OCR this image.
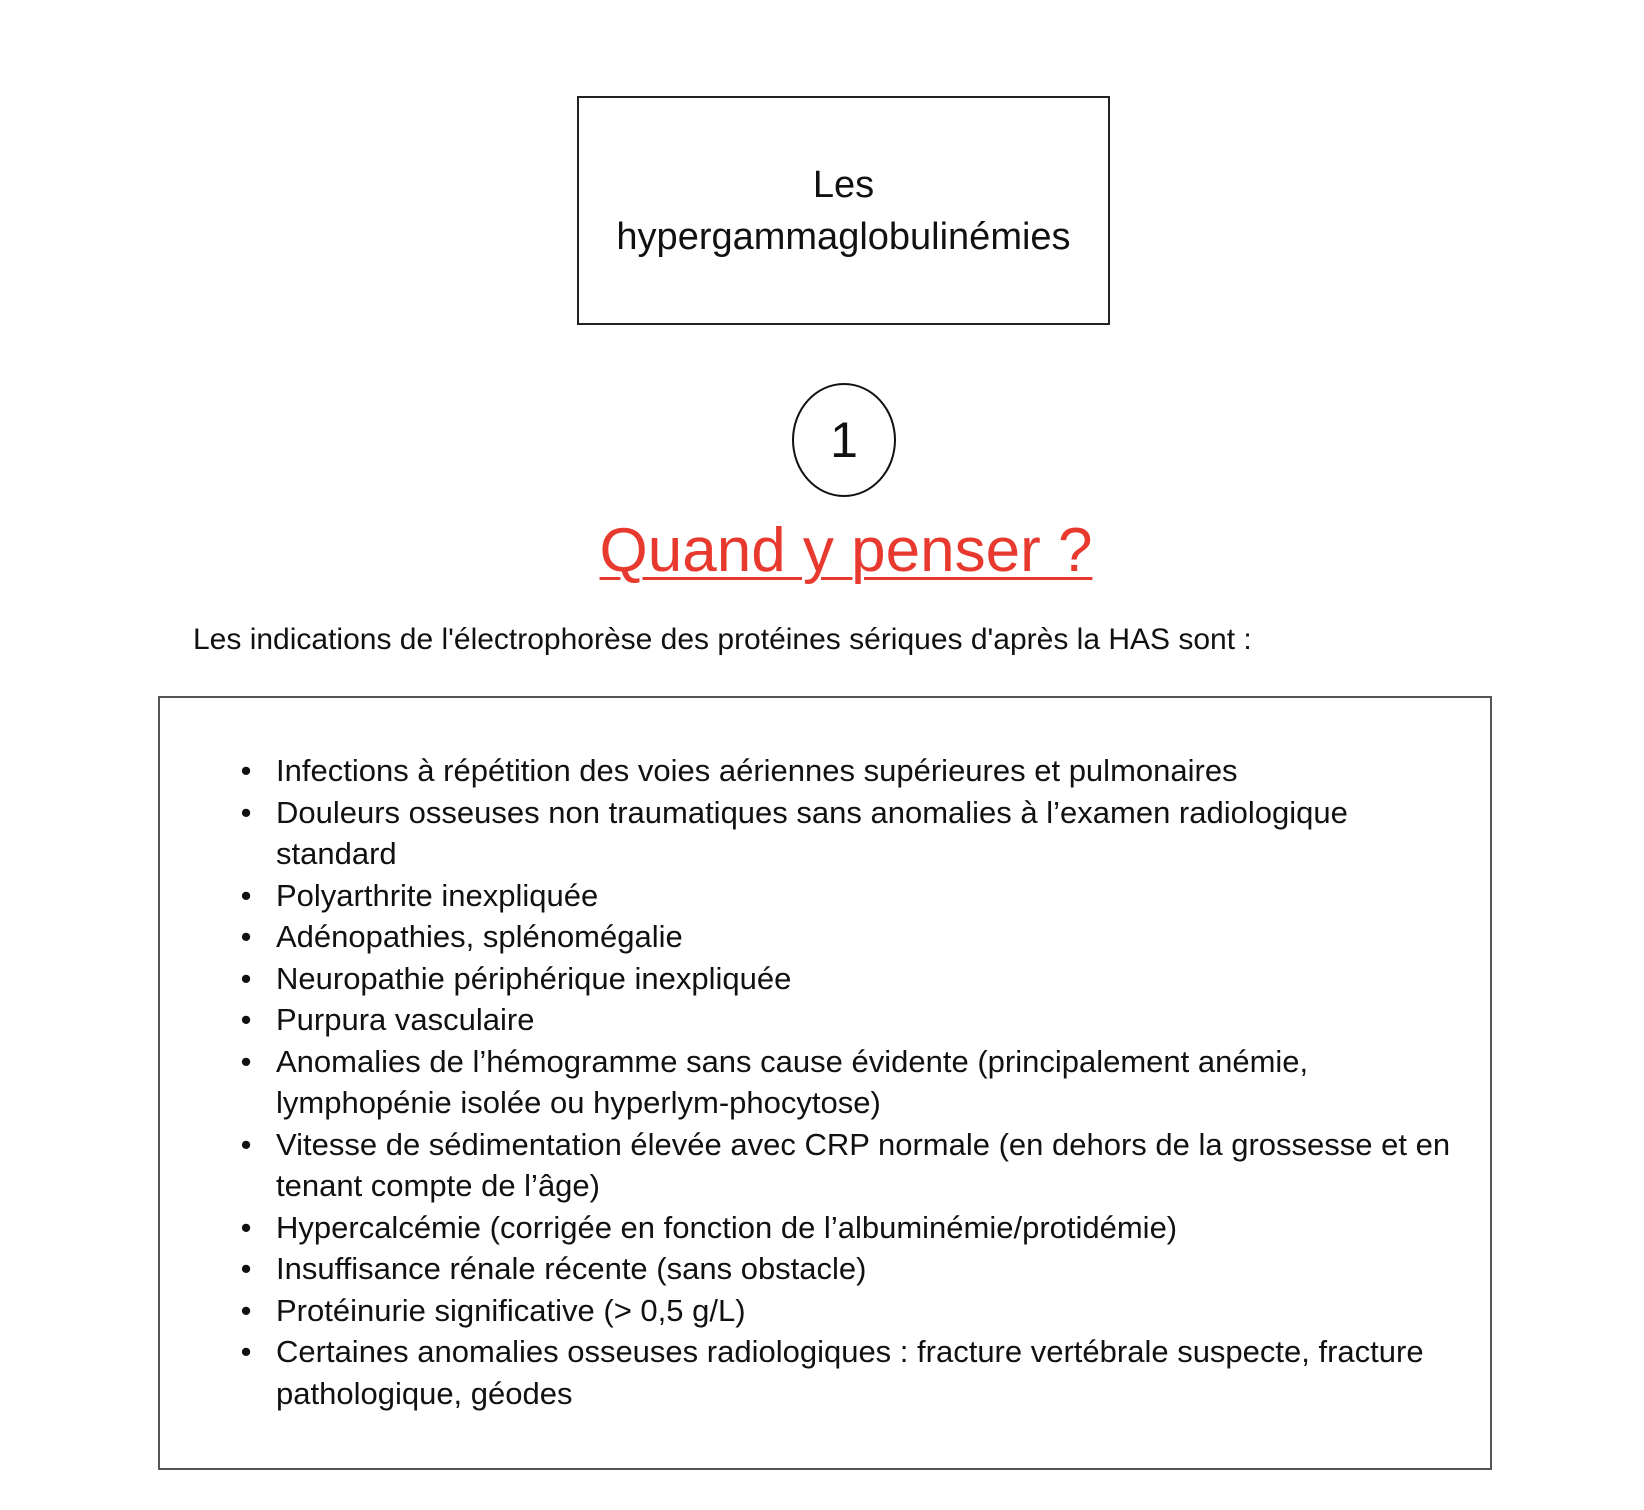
Les
hypergammaglobulinémies
1
Quand y penser ?
Les indications de l'électrophorèse des protéines sériques d'après la HAS sont :
• Infections à répétition des voies aériennes supérieures et pulmonaires
• Douleurs osseuses non traumatiques sans anomalies à l’examen radiologique standard
• Polyarthrite inexpliquée
• Adénopathies, splénomégalie
• Neuropathie périphérique inexpliquée
• Purpura vasculaire
• Anomalies de l’hémogramme sans cause évidente (principalement anémie, lymphopénie isolée ou hyperlym-phocytose)
• Vitesse de sédimentation élevée avec CRP normale (en dehors de la grossesse et en tenant compte de l’âge)
• Hypercalcémie (corrigée en fonction de l’albuminémie/protidémie)
• Insuffisance rénale récente (sans obstacle)
• Protéinurie significative (˃ 0,5 g/L)
• Certaines anomalies osseuses radiologiques : fracture vertébrale suspecte, fracture pathologique, géodes
